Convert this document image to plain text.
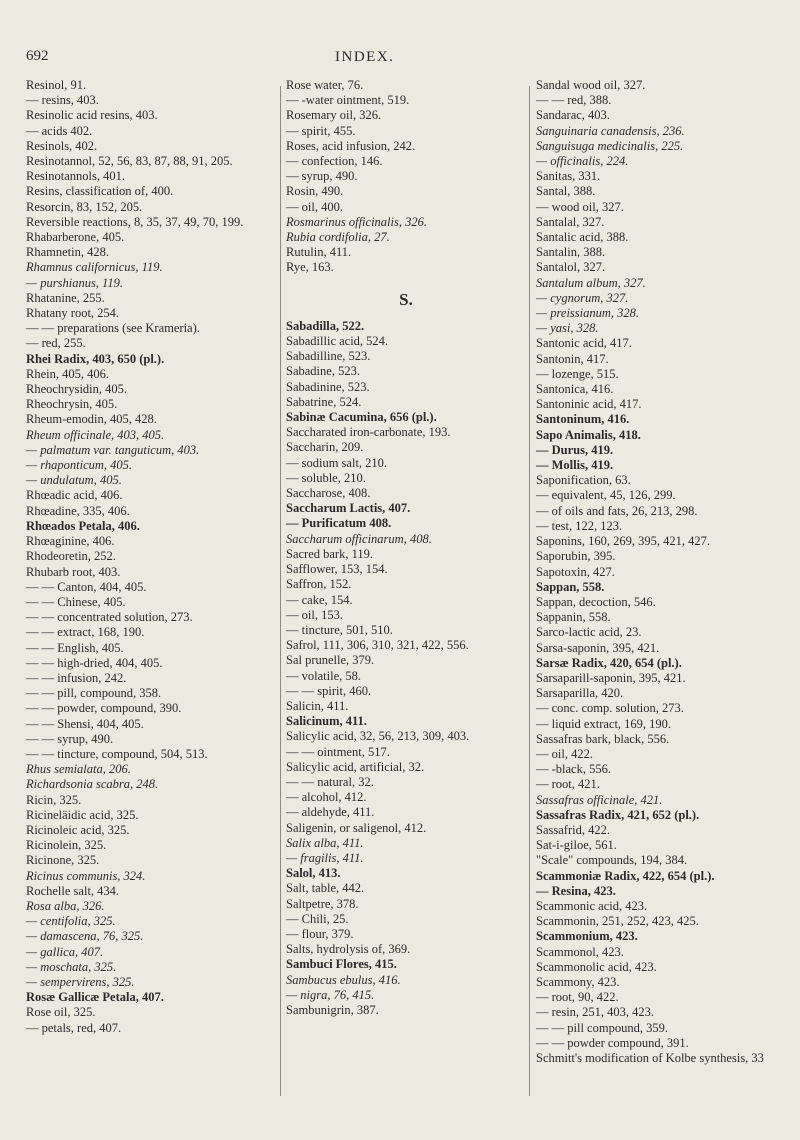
692	INDEX.
Resinol, 91.
— resins, 403.
Resinolic acid resins, 403.
— acids 402.
Resinols, 402.
Resinotannol, 52, 56, 83, 87, 88, 91, 205.
Resinotannols, 401.
Resins, classification of, 400.
Resorcin, 83, 152, 205.
Reversible reactions, 8, 35, 37, 49, 70, 199.
Rhabarberone, 405.
Rhamnetin, 428.
Rhamnus californicus, 119.
— purshianus, 119.
Rhatanine, 255.
Rhatany root, 254.
— — preparations (see Krameria).
— red, 255.
Rhei Radix, 403, 650 (pl.).
Rhein, 405, 406.
Rheochrysidin, 405.
Rheochrysin, 405.
Rheum-emodin, 405, 428.
Rheum officinale, 403, 405.
— palmatum var. tanguticum, 403.
— rhaponticum, 405.
— undulatum, 405.
Rhœadic acid, 406.
Rhœadine, 335, 406.
Rhœados Petala, 406.
Rhœaginine, 406.
Rhodeoretin, 252.
Rhubarb root, 403.
— — Canton, 404, 405.
— — Chinese, 405.
— — concentrated solution, 273.
— — extract, 168, 190.
— — English, 405.
— — high-dried, 404, 405.
— — infusion, 242.
— — pill, compound, 358.
— — powder, compound, 390.
— — Shensi, 404, 405.
— — syrup, 490.
— — tincture, compound, 504, 513.
Rhus semialata, 206.
Richardsonia scabra, 248.
Ricin, 325.
Ricineläidic acid, 325.
Ricinoleic acid, 325.
Ricinolein, 325.
Ricinone, 325.
Ricinus communis, 324.
Rochelle salt, 434.
Rosa alba, 326.
— centifolia, 325.
— damascena, 76, 325.
— gallica, 407.
— moschata, 325.
— sempervirens, 325.
Rosæ Gallicæ Petala, 407.
Rose oil, 325.
— petals, red, 407.
Rose water, 76.
— -water ointment, 519.
Rosemary oil, 326.
— spirit, 455.
Roses, acid infusion, 242.
— confection, 146.
— syrup, 490.
Rosin, 490.
— oil, 400.
Rosmarinus officinalis, 326.
Rubia cordifolia, 27.
Rutulin, 411.
Rye, 163.
S.
Sabadilla, 522.
Sabadillic acid, 524.
Sabadilline, 523.
Sabadine, 523.
Sabadinine, 523.
Sabatrine, 524.
Sabinæ Cacumina, 656 (pl.).
Saccharated iron-carbonate, 193.
Saccharin, 209.
— sodium salt, 210.
— soluble, 210.
Saccharose, 408.
Saccharum Lactis, 407.
— Purificatum 408.
Saccharum officinarum, 408.
Sacred bark, 119.
Safflower, 153, 154.
Saffron, 152.
— cake, 154.
— oil, 153.
— tincture, 501, 510.
Safrol, 111, 306, 310, 321, 422, 556.
Sal prunelle, 379.
— volatile, 58.
— — spirit, 460.
Salicin, 411.
Salicinum, 411.
Salicylic acid, 32, 56, 213, 309, 403.
— — ointment, 517.
Salicylic acid, artificial, 32.
— — natural, 32.
— alcohol, 412.
— aldehyde, 411.
Saligenin, or saligenol, 412.
Salix alba, 411.
— fragilis, 411.
Salol, 413.
Salt, table, 442.
Saltpetre, 378.
— Chili, 25.
— flour, 379.
Salts, hydrolysis of, 369.
Sambuci Flores, 415.
Sambucus ebulus, 416.
— nigra, 76, 415.
Sambunigrin, 387.
Sandal wood oil, 327.
— — red, 388.
Sandarac, 403.
Sanguinaria canadensis, 236.
Sanguisuga medicinalis, 225.
— officinalis, 224.
Sanitas, 331.
Santal, 388.
— wood oil, 327.
Santalal, 327.
Santalic acid, 388.
Santalin, 388.
Santalol, 327.
Santalum album, 327.
— cygnorum, 327.
— preissianum, 328.
— yasi, 328.
Santonic acid, 417.
Santonin, 417.
— lozenge, 515.
Santonica, 416.
Santoninic acid, 417.
Santoninum, 416.
Sapo Animalis, 418.
— Durus, 419.
— Mollis, 419.
Saponification, 63.
— equivalent, 45, 126, 299.
— of oils and fats, 26, 213, 298.
— test, 122, 123.
Saponins, 160, 269, 395, 421, 427.
Saporubin, 395.
Sapotoxin, 427.
Sappan, 558.
Sappan, decoction, 546.
Sappanin, 558.
Sarco-lactic acid, 23.
Sarsa-saponin, 395, 421.
Sarsæ Radix, 420, 654 (pl.).
Sarsaparill-saponin, 395, 421.
Sarsaparilla, 420.
— conc. comp. solution, 273.
— liquid extract, 169, 190.
Sassafras bark, black, 556.
— oil, 422.
— -black, 556.
— root, 421.
Sassafras officinale, 421.
Sassafras Radix, 421, 652 (pl.).
Sassafrid, 422.
Sat-i-giloe, 561.
"Scale" compounds, 194, 384.
Scammoniæ Radix, 422, 654 (pl.).
— Resina, 423.
Scammonic acid, 423.
Scammonin, 251, 252, 423, 425.
Scammonium, 423.
Scammonol, 423.
Scammonolic acid, 423.
Scammony, 423.
— root, 90, 422.
— resin, 251, 403, 423.
— — pill compound, 359.
— — powder compound, 391.
Schmitt's modification of Kolbe synthesis, 33
